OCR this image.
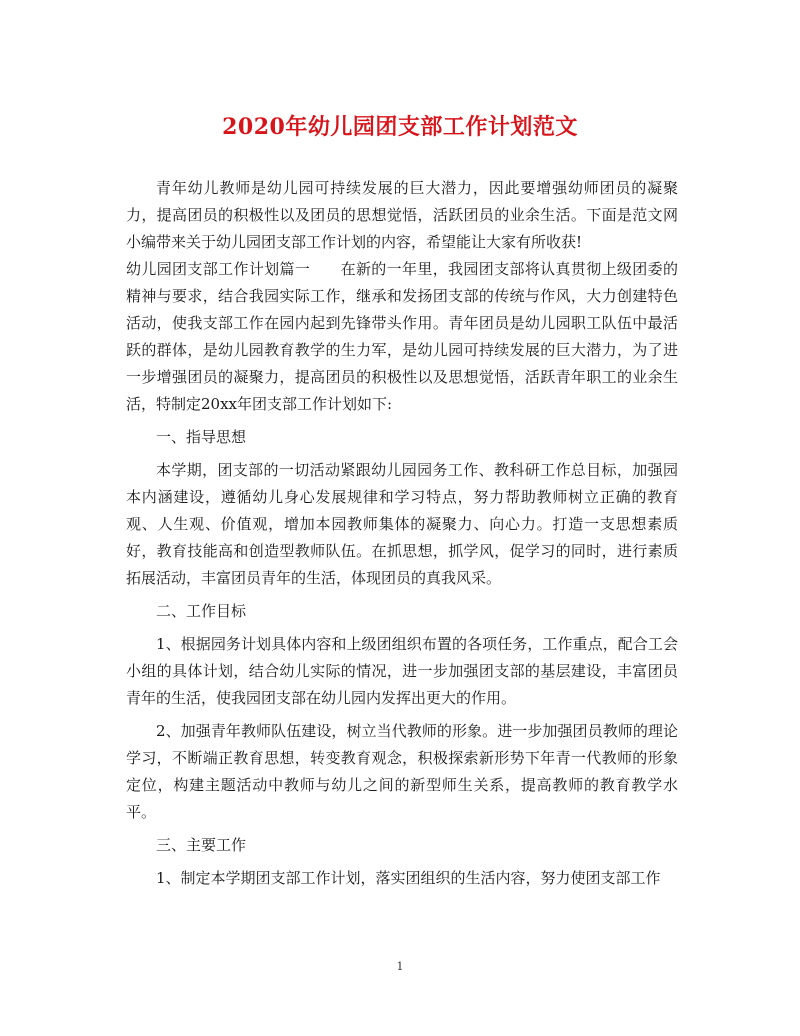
2020年幼儿园团支部工作计划范文

青年幼儿教师是幼儿园可持续发展的巨大潜力，因此要增强幼师团员的凝聚力，提高团员的积极性以及团员的思想觉悟，活跃团员的业余生活。下面是范文网小编带来关于幼儿园团支部工作计划的内容，希望能让大家有所收获!

幼儿园团支部工作计划篇一 在新的一年里，我园团支部将认真贯彻上级团委的精神与要求，结合我园实际工作，继承和发扬团支部的传统与作风，大力创建特色活动，使我支部工作在园内起到先锋带头作用。青年团员是幼儿园职工队伍中最活跃的群体，是幼儿园教育教学的生力军，是幼儿园可持续发展的巨大潜力，为了进一步增强团员的凝聚力，提高团员的积极性以及思想觉悟，活跃青年职工的业余生活，特制定20xx年团支部工作计划如下:

一、指导思想

本学期，团支部的一切活动紧跟幼儿园园务工作、教科研工作总目标，加强园本内涵建设，遵循幼儿身心发展规律和学习特点，努力帮助教师树立正确的教育观、人生观、价值观，增加本园教师集体的凝聚力、向心力。打造一支思想素质好，教育技能高和创造型教师队伍。在抓思想，抓学风，促学习的同时，进行素质拓展活动，丰富团员青年的生活，体现团员的真我风采。

二、工作目标

1、根据园务计划具体内容和上级团组织布置的各项任务，工作重点，配合工会小组的具体计划，结合幼儿实际的情况，进一步加强团支部的基层建设，丰富团员青年的生活，使我园团支部在幼儿园内发挥出更大的作用。

2、加强青年教师队伍建设，树立当代教师的形象。进一步加强团员教师的理论学习，不断端正教育思想，转变教育观念，积极探索新形势下年青一代教师的形象定位，构建主题活动中教师与幼儿之间的新型师生关系，提高教师的教育教学水平。

三、主要工作

1、制定本学期团支部工作计划，落实团组织的生活内容，努力使团支部工作

1
